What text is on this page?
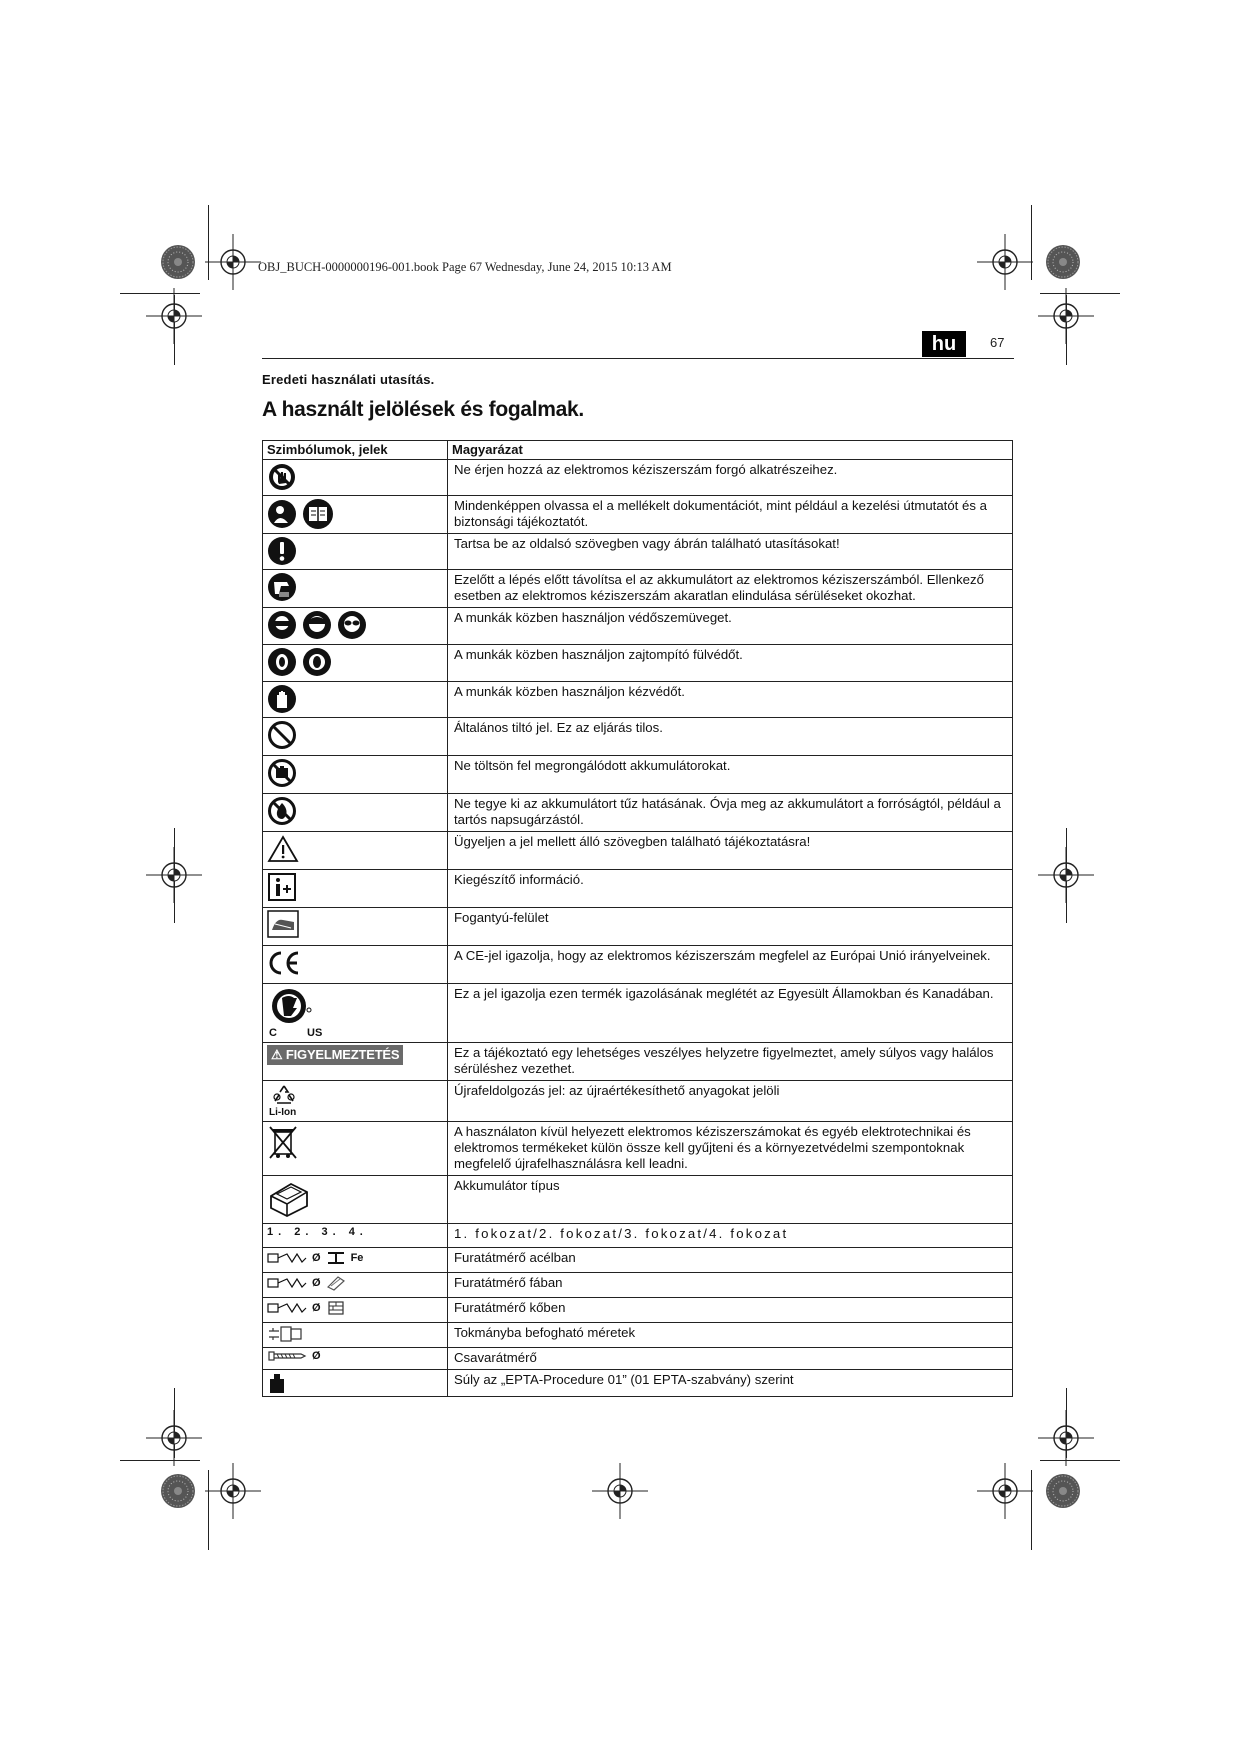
OBJ_BUCH-0000000196-001.book Page 67 Wednesday, June 24, 2015 10:13 AM
hu	67
Eredeti használati utasítás.
A használt jelölések és fogalmak.
Szimbólumok, jelek	Magyarázat

	Ne érjen hozzá az elektromos kéziszerszám forgó alkatrészeihez.

	Mindenképpen olvassa el a mellékelt dokumentációt, mint például a kezelési útmutatót és a biztonsági tájékoztatót.

	Tartsa be az oldalsó szövegben vagy ábrán található utasításokat!

	Ezelőtt a lépés előtt távolítsa el az akkumulátort az elektromos kéziszerszámból. Ellenkező esetben az elektromos kéziszerszám akaratlan elindulása sérüléseket okozhat.

	A munkák közben használjon védőszemüveget.

	A munkák közben használjon zajtompító fülvédőt.

	A munkák közben használjon kézvédőt.

	Általános tiltó jel. Ez az eljárás tilos.

	Ne töltsön fel megrongálódott akkumulátorokat.

	Ne tegye ki az akkumulátort tűz hatásának. Óvja meg az akkumulátort a forróságtól, például a tartós napsugárzástól.

	Ügyeljen a jel mellett álló szövegben található tájékoztatásra!

	Kiegészítő információ.

	Fogantyú-felület

	A CE-jel igazolja, hogy az elektromos kéziszerszám megfelel az Európai Unió irányelveinek.

C US	Ez a jel igazolja ezen termék igazolásának meglétét az Egyesült Államokban és Kanadában.

⚠ FIGYELMEZTETÉS	Ez a tájékoztató egy lehetséges veszélyes helyzetre figyelmeztet, amely súlyos vagy halálos sérüléshez vezethet.

Li-Ion	Újrafeldolgozás jel: az újraértékesíthető anyagokat jelöli

	A használaton kívül helyezett elektromos kéziszerszámokat és egyéb elektrotechnikai és elektromos termékeket külön össze kell gyűjteni és a környezetvédelmi szempontoknak megfelelő újrafelhasználásra kell leadni.

	Akkumulátor típus

1. 2. 3. 4.	1. fokozat/2. fokozat/3. fokozat/4. fokozat

Ø Fe	Furatátmérő acélban

Ø	Furatátmérő fában

Ø	Furatátmérő kőben

	Tokmányba befogható méretek

Ø	Csavarátmérő

	Súly az „EPTA-Procedure 01” (01 EPTA-szabvány) szerint
